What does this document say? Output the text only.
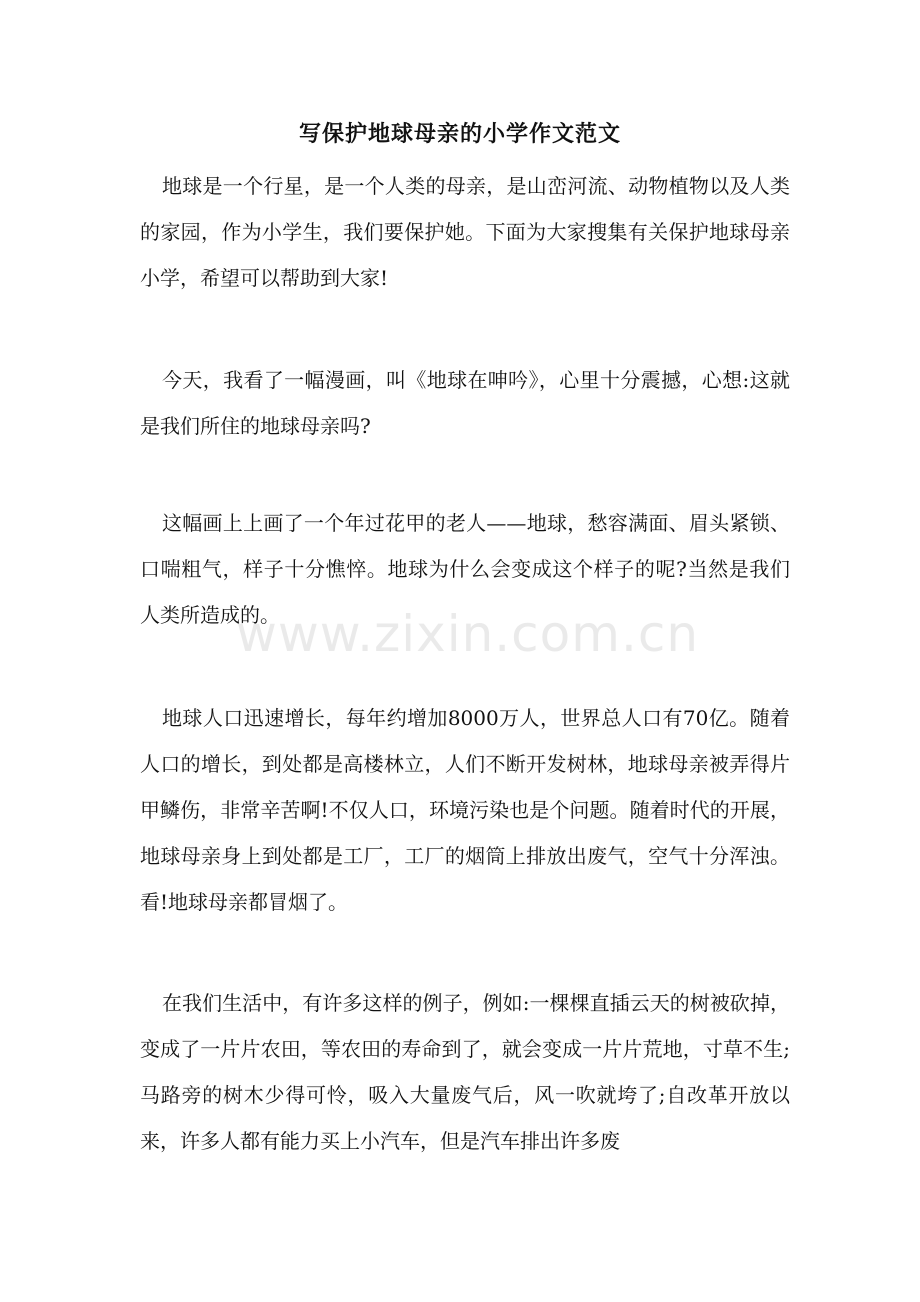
写保护地球母亲的小学作文范文

地球是一个行星，是一个人类的母亲，是山峦河流、动物植物以及人类的家园，作为小学生，我们要保护她。下面为大家搜集有关保护地球母亲小学，希望可以帮助到大家!

今天，我看了一幅漫画，叫《地球在呻吟》，心里十分震撼，心想:这就是我们所住的地球母亲吗?

这幅画上上画了一个年过花甲的老人——地球，愁容满面、眉头紧锁、口喘粗气，样子十分憔悴。地球为什么会变成这个样子的呢?当然是我们人类所造成的。

地球人口迅速增长，每年约增加8000万人，世界总人口有70亿。随着人口的增长，到处都是高楼林立，人们不断开发树林，地球母亲被弄得片甲鳞伤，非常辛苦啊!不仅人口，环境污染也是个问题。随着时代的开展，地球母亲身上到处都是工厂，工厂的烟筒上排放出废气，空气十分浑浊。看!地球母亲都冒烟了。

在我们生活中，有许多这样的例子，例如:一棵棵直插云天的树被砍掉，变成了一片片农田，等农田的寿命到了，就会变成一片片荒地，寸草不生;马路旁的树木少得可怜，吸入大量废气后，风一吹就垮了;自改革开放以来，许多人都有能力买上小汽车，但是汽车排出许多废

www.zixin.com.cn
